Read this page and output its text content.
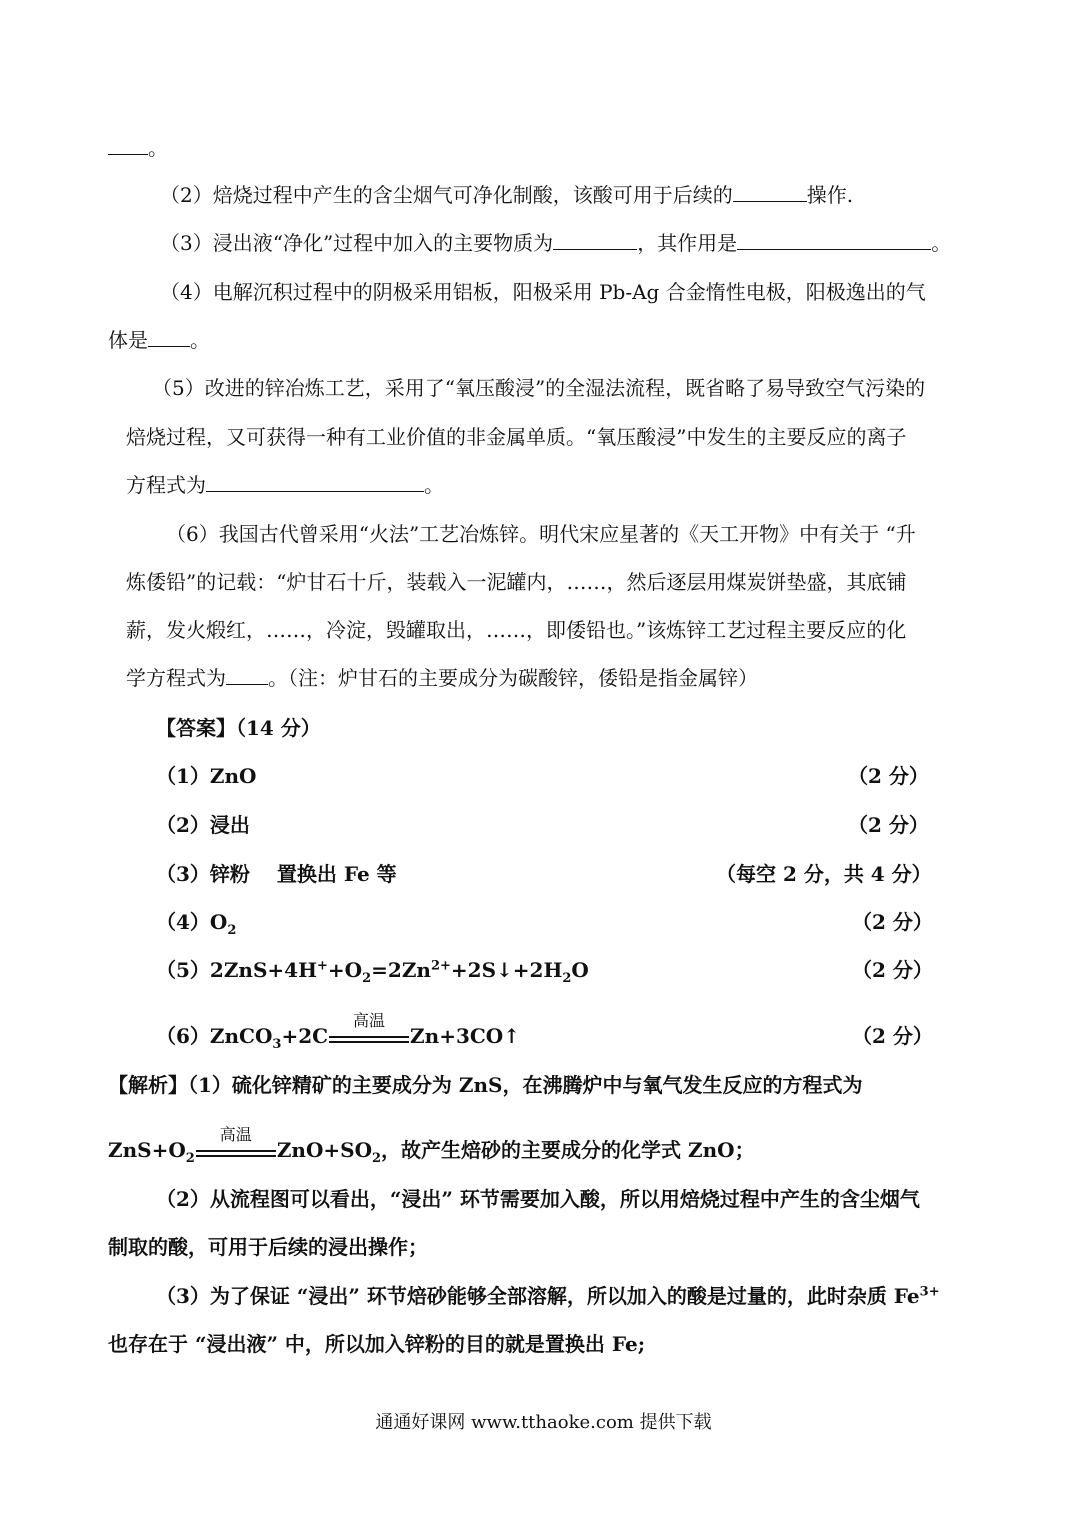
。
（2）焙烧过程中产生的含尘烟气可净化制酸，该酸可用于后续的	操作.
（3）浸出液“净化”过程中加入的主要物质为	，其作用是	。
（4）电解沉积过程中的阴极采用铝板，阳极采用 Pb-Ag 合金惰性电极，阳极逸出的气
体是 。
（5）改进的锌冶炼工艺，采用了“氧压酸浸”的全湿法流程，既省略了易导致空气污染的
焙烧过程，又可获得一种有工业价值的非金属单质。“氧压酸浸”中发生的主要反应的离子
方程式为	。
（6）我国古代曾采用“火法”工艺冶炼锌。明代宋应星著的《天工开物》中有关于 “升
炼倭铅”的记载：“炉甘石十斤，装载入一泥罐内，……，然后逐层用煤炭饼垫盛，其底铺
薪，发火煅红，……，冷淀，毁罐取出，……，即倭铅也。”该炼锌工艺过程主要反应的化
学方程式为 。（注：炉甘石的主要成分为碳酸锌，倭铅是指金属锌）
【答案】（14 分）
（1）ZnO	（2 分）
（2）浸出	（2 分）
（3）锌粉　 置换出 Fe 等	（每空 2 分，共 4 分）
$(4)O_2$	（2 分）
$(5)2ZnS+4H^++O_2=2Zn^{2+}+2S↓+2H_2O$	（2 分）
（6）ZnCO$_3$+2C
高温
Zn+3CO↑	（2 分）
【解析】（1）硫化锌精矿的主要成分为 ZnS，在沸腾炉中与氧气发生反应的方程式为
$ZnS+O_2$
高温
$ZnO+SO_2$，故产生焙砂的主要成分的化学式 ZnO；
（2）从流程图可以看出，“浸出” 环节需要加入酸，所以用焙烧过程中产生的含尘烟气
制取的酸，可用于后续的浸出操作；
（3）为了保证 “浸出” 环节焙砂能够全部溶解，所以加入的酸是过量的，此时杂质 $Fe^{3+}$
也存在于 “浸出液” 中，所以加入锌粉的目的就是置换出 Fe;
通通好课网 www.tthaoke.com 提供下载
